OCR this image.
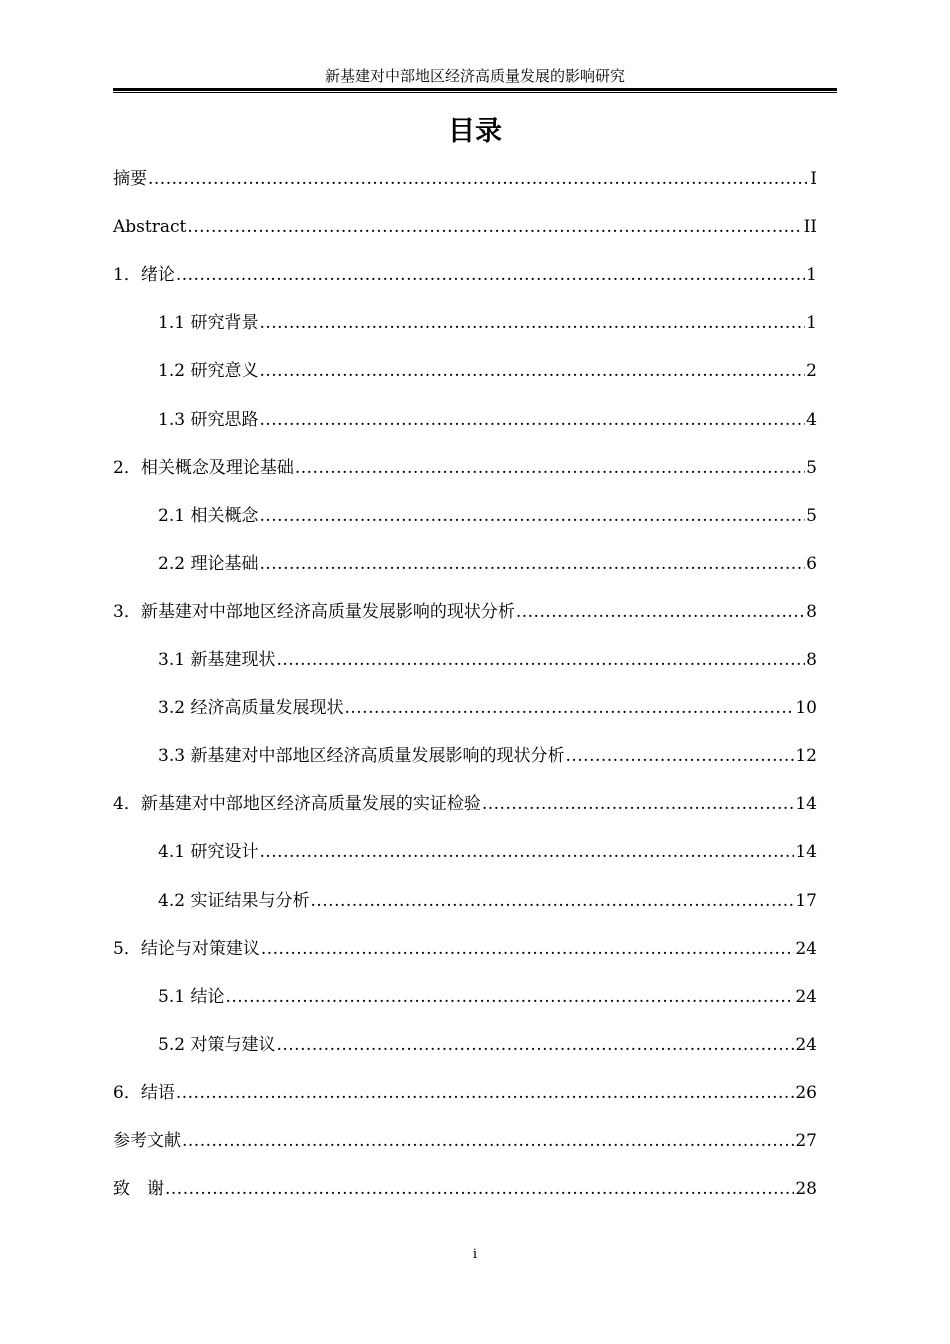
新基建对中部地区经济高质量发展的影响研究
目录
摘要 .....	I
Abstract .....	II
1．绪论 .....	1
1.1 研究背景 .....	1
1.2 研究意义 .....	2
1.3 研究思路 .....	4
2．相关概念及理论基础 .....	5
2.1 相关概念 .....	5
2.2 理论基础 .....	6
3．新基建对中部地区经济高质量发展影响的现状分析 .....	8
3.1 新基建现状 .....	8
3.2 经济高质量发展现状 .....	10
3.3 新基建对中部地区经济高质量发展影响的现状分析 .....	12
4．新基建对中部地区经济高质量发展的实证检验 .....	14
4.1 研究设计 .....	14
4.2 实证结果与分析 .....	17
5．结论与对策建议 .....	24
5.1 结论 .....	24
5.2 对策与建议 .....	24
6．结语 .....	26
参考文献 .....	27
致　谢 .....	28
i
